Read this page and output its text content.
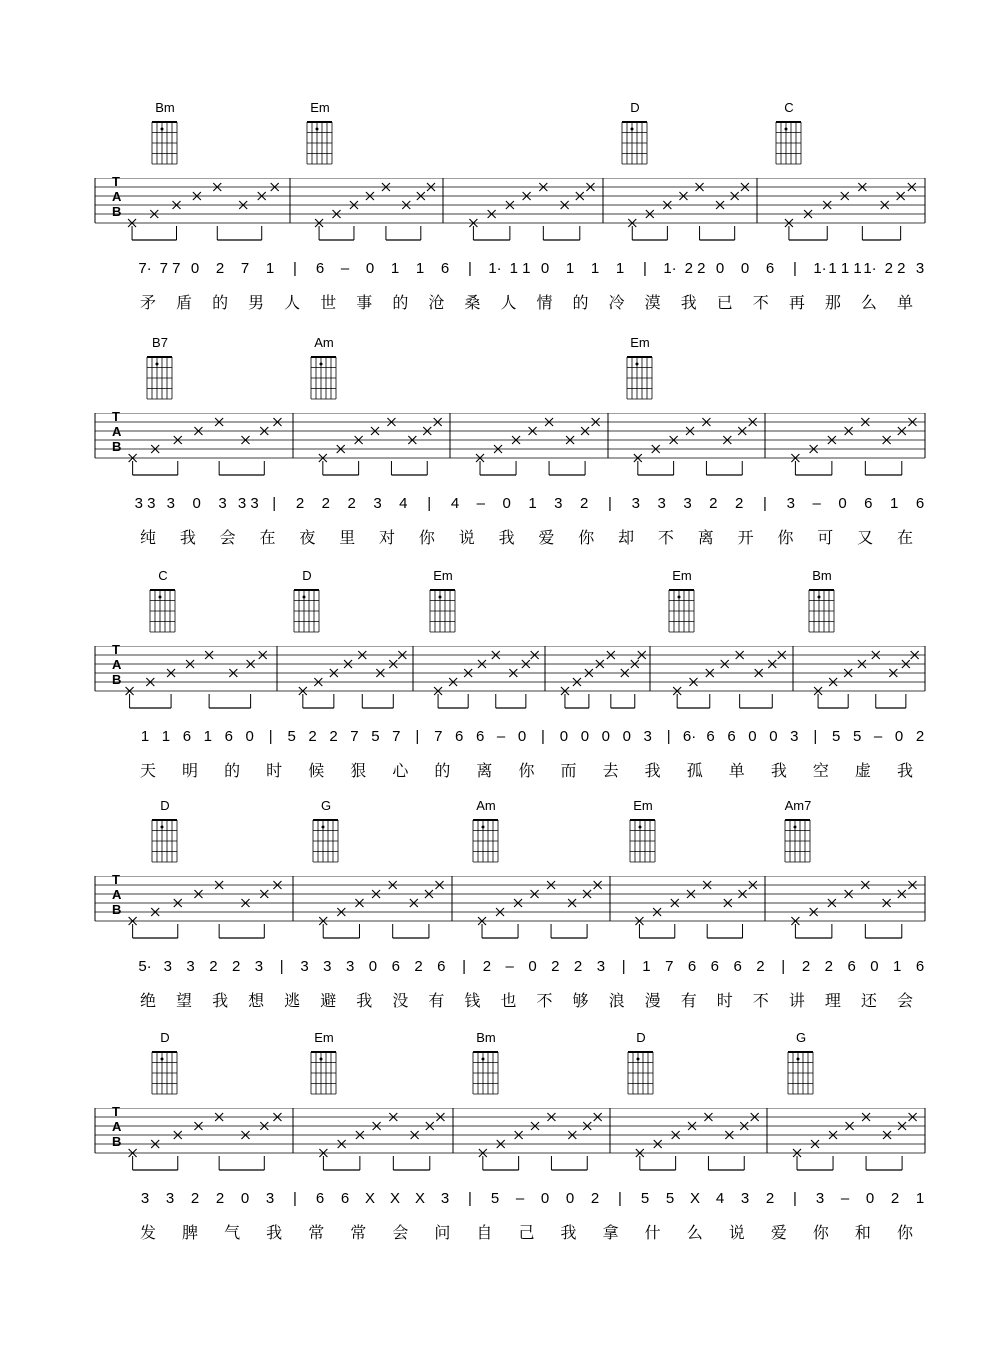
Bm	Em	D	C
T
A
B
7· 7 7 0 2 7 1 | 6 – 0 1 1 6 | 1· 1 1 0 1 1 1 | 1· 2 2 0 0 6 | 1· 1 1 1 1· 2 2 3
矛 盾 的 男 人 世 事 的 沧 桑 人 情 的 冷 漠 我 已 不 再 那 么 单
B7	Am	Em
T
A
B
3 3 3 0 3 3 3 | 2 2 2 3 4 | 4 – 0 1 3 2 | 3 3 3 2 2 | 3 – 0 6 1 6
纯 我 会 在 夜 里 对 你 说 我 爱 你 却 不 离 开 你 可 又 在
C	D	Em	Em	Bm
T
A
B
1 1 6 1 6 0 | 5 2 2 7 5 7 | 7 6 6 – 0 | 0 0 0 0 3 | 6· 6 6 0 0 3 | 5 5 – 0 2
天 明 的 时 候 狠 心 的 离 你 而 去 我 孤 单 我 空 虚 我
D	G	Am	Em	Am7
T
A
B
5· 3 3 2 2 3 | 3 3 3 0 6 2 6 | 2 – 0 2 2 3 | 1 7 6 6 6 2 | 2 2 6 0 1 6
绝 望 我 想 逃 避 我 没 有 钱 也 不 够 浪 漫 有 时 不 讲 理 还 会
D	Em	Bm	D	G
T
A
B
3 3 2 2 0 3 | 6 6 X X X 3 | 5 – 0 0 2 | 5 5 X 4 3 2 | 3 – 0 2 1
发 脾 气 我 常 常 会 问 自 己 我 拿 什 么 说 爱 你 和 你
